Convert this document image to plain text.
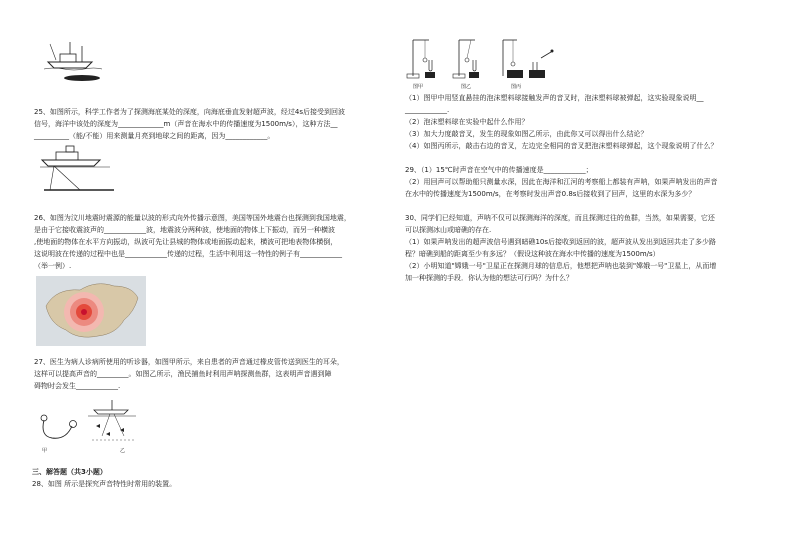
25、如图所示，科学工作者为了探测海底某处的深度，向海底垂直发射超声波，经过4s后接受到回波
信号，海洋中该处的深度为_____________m（声音在海水中的传播速度为1500m/s），这种方法__
__________（能/不能）用来测量月亮到地球之间的距离，因为____________。
26、如图为汶川地震时震源的能量以波的形式向外传播示意图，美国等国外地震台也探测到我国地震，
是由于它接收震波声的____________波，地震波分两种波，使地面的物体上下振动，而另一种横波
,使地面的物体在水平方向振动，纵波可先让县城的物体或地面振动起来，横波可把地表物体横倒，
这说明波在传递的过程中也是____________传递的过程，生活中利用这一特性的例子有____________
（举一例）.
27、医生为病人诊病所使用的听诊器，如图甲所示，来自患者的声音通过橡皮管传送到医生的耳朵，
这样可以提高声音的_________。如图乙所示，渔民捕鱼时利用声呐探测鱼群，这表明声音遇到障
碍物时会发生____________.
甲	乙
三、解答题（共3小题）
28、如图 所示是探究声音特性时常用的装置。
图甲	图乙	图丙
（1）图甲中用竖直悬挂的泡沫塑料球接触发声的音叉时，泡沫塑料球被弹起，这实验现象说明__
____________.
（2）泡沫塑料球在实验中起什么作用？
（3）加大力度敲音叉，发生的现象如图乙所示，由此你又可以得出什么结论？
（4）如图丙所示，敲击右边的音叉，左边完全相同的音叉把泡沫塑料球弹起，这个现象说明了什么？
29、（1）15℃时声音在空气中的传播速度是____________；
（2）用回声可以帮助船只测量水深，因此在海洋和江河的考察船上都装有声呐，如果声呐发出的声音
在水中的传播速度为1500m/s，在考察时发出声音0.8s后接收到了回声，这里的水深为多少？
30、同学们已经知道，声呐不仅可以探测海洋的深度，而且探测过往的鱼群，当然，如果需要，它还
可以探测冰山或暗礁的存在.
（1）如果声呐发出的超声波信号遇到暗礁10s后接收到返回的波，超声波从发出到返回共走了多少路
程？暗礁到船的距离至少有多远？（假设这种波在海水中传播的速度为1500m/s）
（2）小明知道"嫦娥一号"卫星正在探测月球的信息后，他想把声呐也装到"嫦娥一号"卫星上，从而增
加一种探测的手段．你认为他的想法可行吗？为什么？
